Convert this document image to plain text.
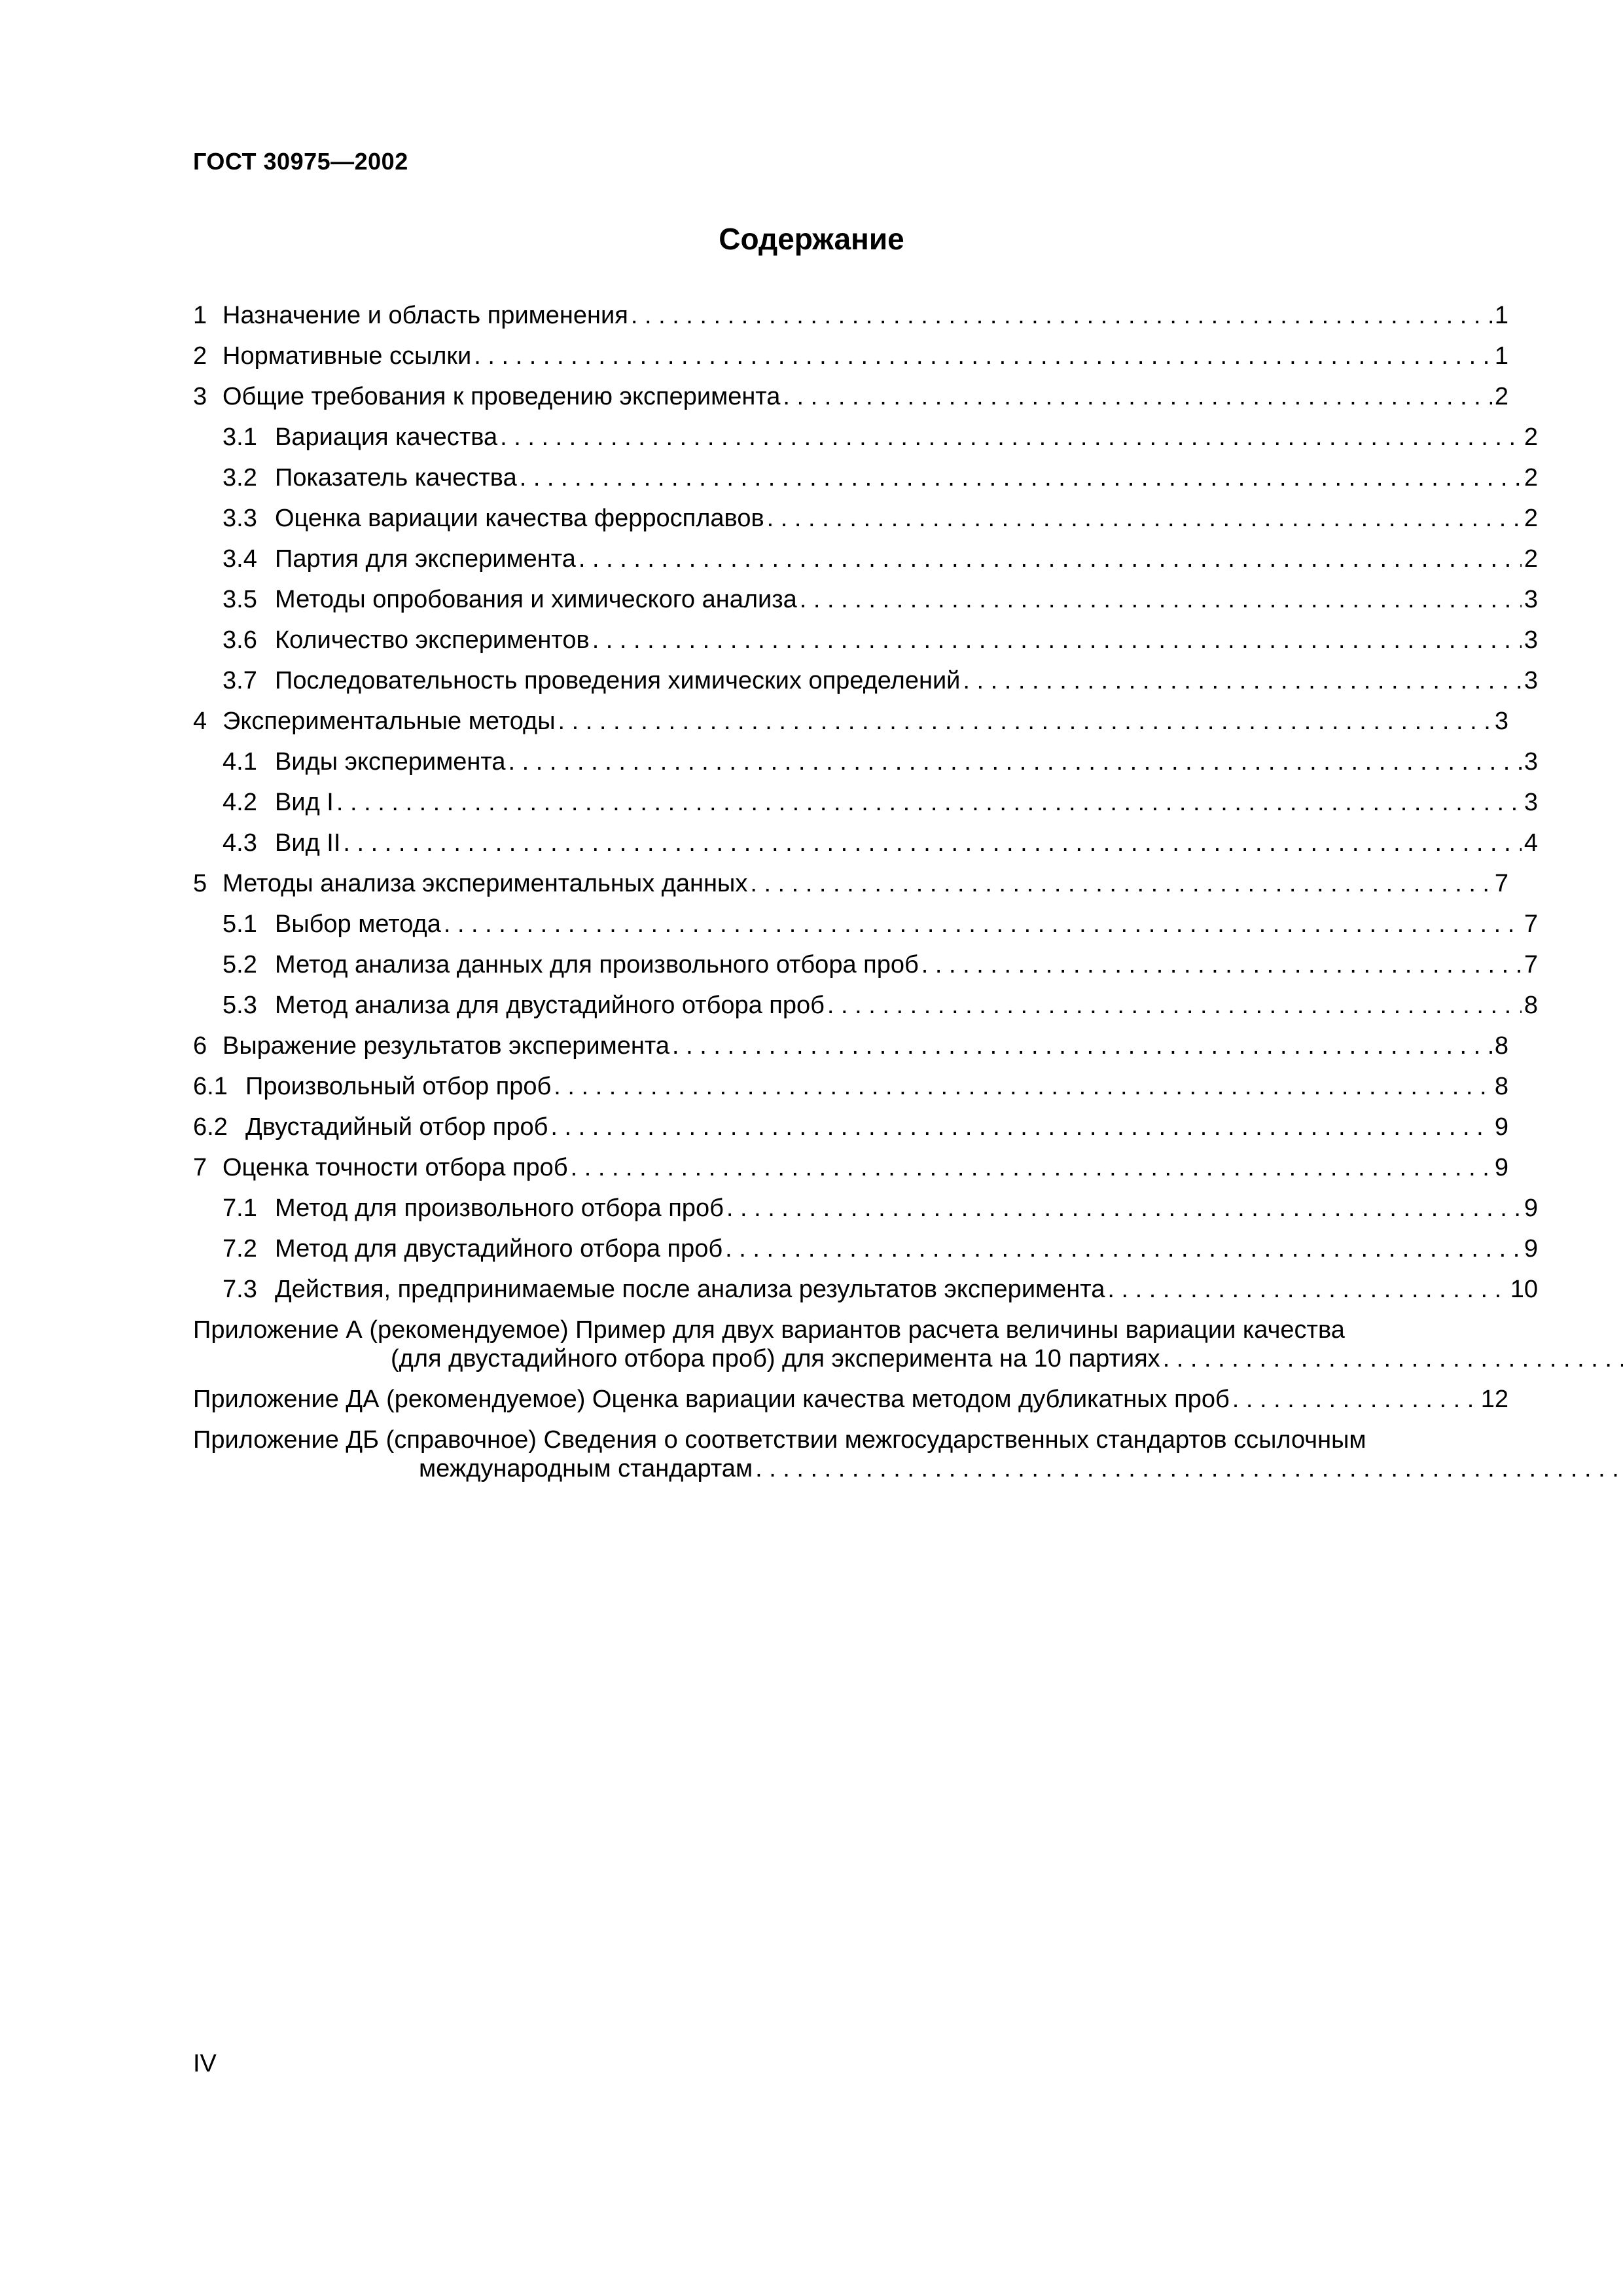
ГОСТ 30975—2002
Содержание
1 Назначение и область применения . . .	1
2 Нормативные ссылки . . .	1
3 Общие требования к проведению эксперимента . . .	2
3.1 Вариация качества . . .	2
3.2 Показатель качества . . .	2
3.3 Оценка вариации качества ферросплавов . . .	2
3.4 Партия для эксперимента . . .	2
3.5 Методы опробования и химического анализа . . .	3
3.6 Количество экспериментов . . .	3
3.7 Последовательность проведения химических определений . . .	3
4 Экспериментальные методы . . .	3
4.1 Виды эксперимента . . .	3
4.2 Вид I . . .	3
4.3 Вид II . . .	4
5 Методы анализа экспериментальных данных . . .	7
5.1 Выбор метода . . .	7
5.2 Метод анализа данных для произвольного отбора проб . . .	7
5.3 Метод анализа для двустадийного отбора проб . . .	8
6 Выражение результатов эксперимента . . .	8
6.1 Произвольный отбор проб . . .	8
6.2 Двустадийный отбор проб . . .	9
7 Оценка точности отбора проб . . .	9
7.1 Метод для произвольного отбора проб . . .	9
7.2 Метод для двустадийного отбора проб . . .	9
7.3 Действия, предпринимаемые после анализа результатов эксперимента . . .	10
Приложение А (рекомендуемое) Пример для двух вариантов расчета величины вариации качества
(для двустадийного отбора проб) для эксперимента на 10 партиях
. . .
Приложение ДА (рекомендуемое) Оценка вариации качества методом дубликатных проб . . .	12
Приложение ДБ (справочное) Сведения о соответствии межгосударственных стандартов ссылочным
международным стандартам
. . .
IV
